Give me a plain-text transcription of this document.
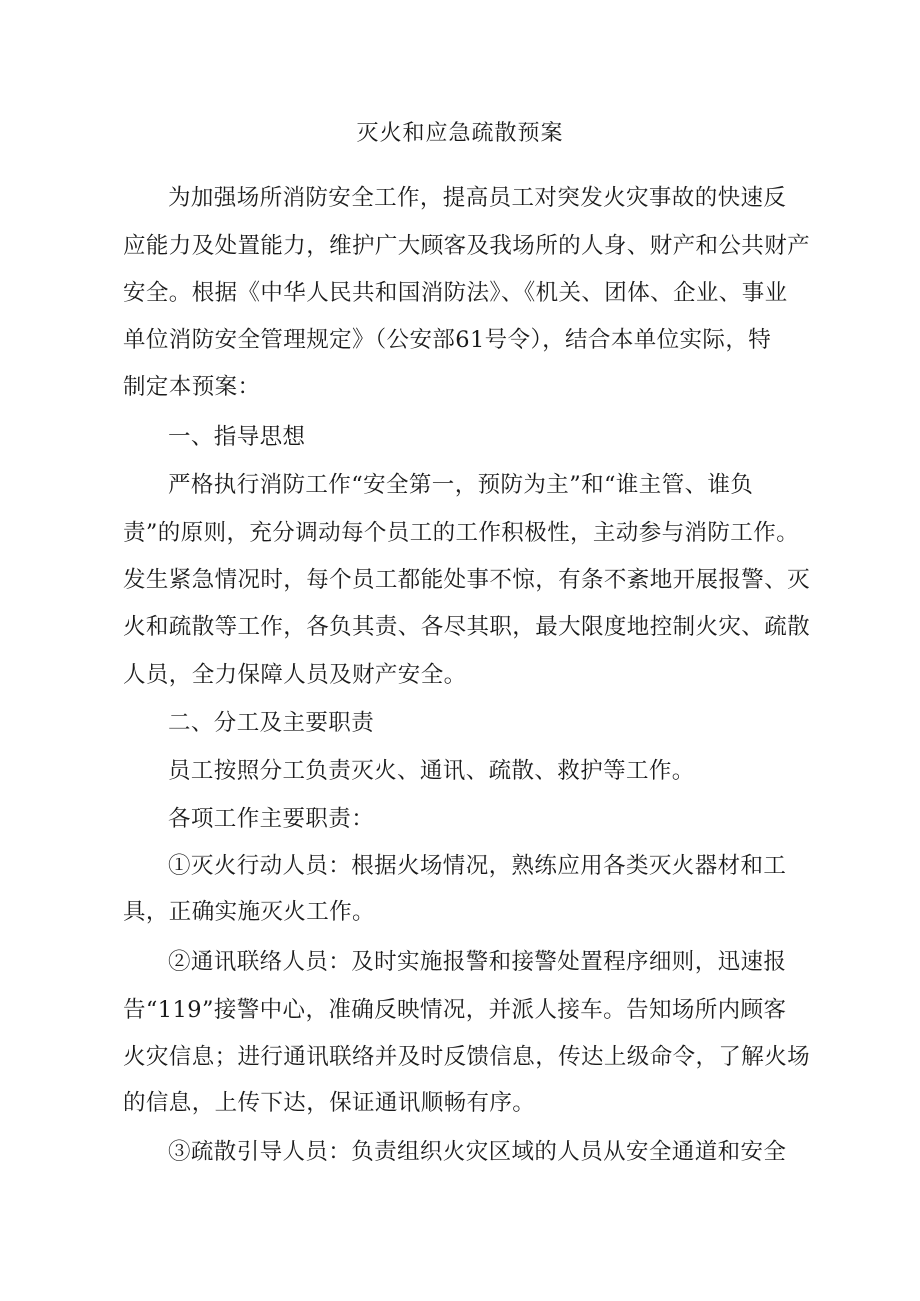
灭火和应急疏散预案
为加强场所消防安全工作，提高员工对突发火灾事故的快速反
应能力及处置能力，维护广大顾客及我场所的人身、财产和公共财产
安全。根据《中华人民共和国消防法》、《机关、团体、企业、事业
单位消防安全管理规定》（公安部61号令），结合本单位实际，特
制定本预案：
一、指导思想
严格执行消防工作“安全第一，预防为主”和“谁主管、谁负
责”的原则，充分调动每个员工的工作积极性，主动参与消防工作。
发生紧急情况时，每个员工都能处事不惊，有条不紊地开展报警、灭
火和疏散等工作，各负其责、各尽其职，最大限度地控制火灾、疏散
人员，全力保障人员及财产安全。
二、分工及主要职责
员工按照分工负责灭火、通讯、疏散、救护等工作。
各项工作主要职责：
①灭火行动人员：根据火场情况，熟练应用各类灭火器材和工
具，正确实施灭火工作。
②通讯联络人员：及时实施报警和接警处置程序细则，迅速报
告“119”接警中心，准确反映情况，并派人接车。告知场所内顾客
火灾信息；进行通讯联络并及时反馈信息，传达上级命令，了解火场
的信息，上传下达，保证通讯顺畅有序。
③疏散引导人员：负责组织火灾区域的人员从安全通道和安全
